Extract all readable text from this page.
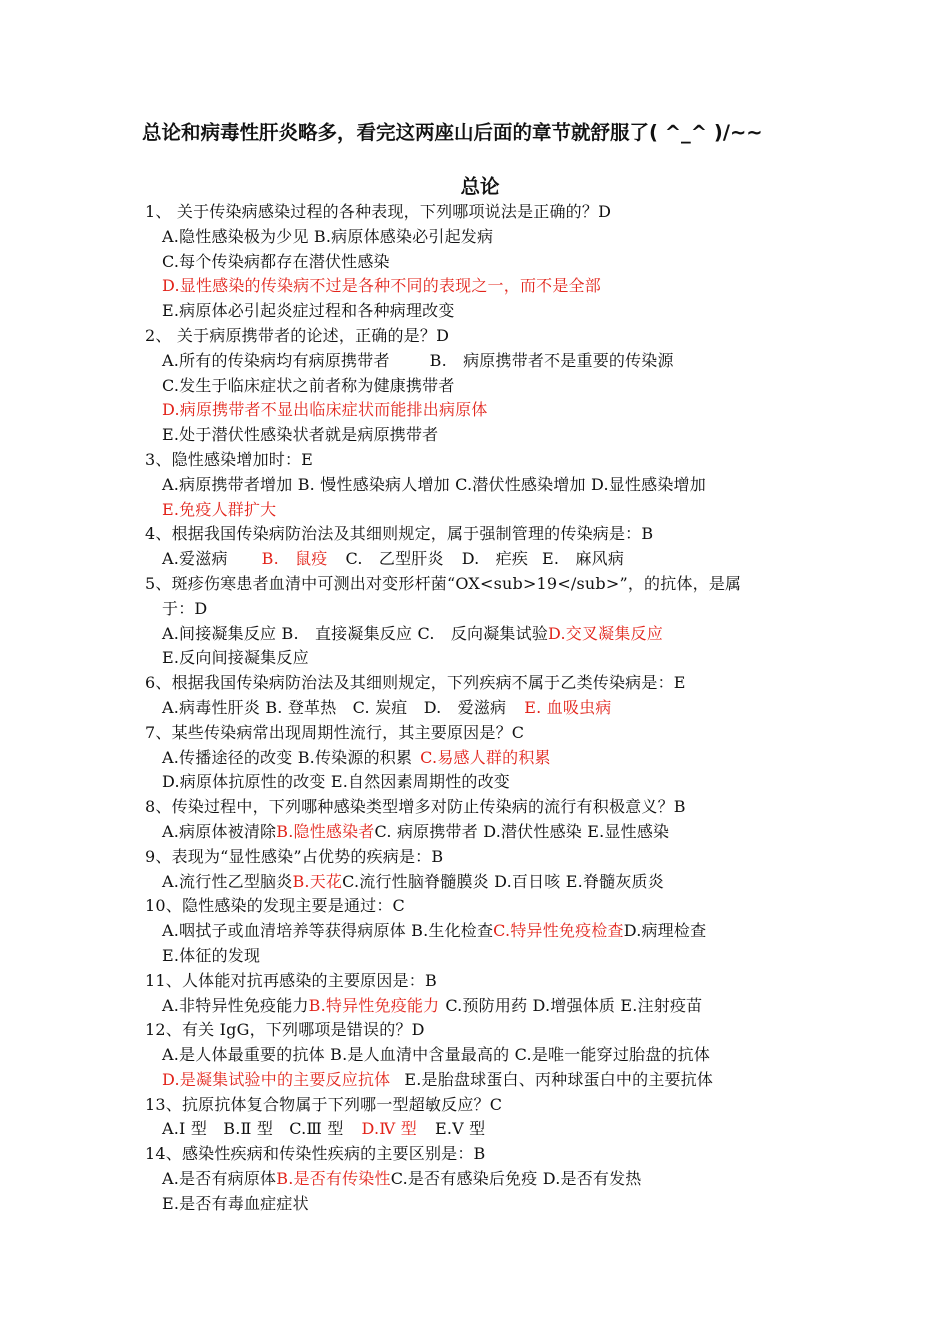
总论和病毒性肝炎略多，看完这两座山后面的章节就舒服了( ^_^ )/~~
总论
1、 关于传染病感染过程的各种表现，下列哪项说法是正确的？D
A.隐性感染极为少见 B.病原体感染必引起发病
C.每个传染病都存在潜伏性感染
D.显性感染的传染病不过是各种不同的表现之一，而不是全部
E.病原体必引起炎症过程和各种病理改变
2、 关于病原携带者的论述，正确的是？D
A.所有的传染病均有病原携带者	B.　病原携带者不是重要的传染源
C.发生于临床症状之前者称为健康携带者
D.病原携带者不显出临床症状而能排出病原体
E.处于潜伏性感染状者就是病原携带者
3、隐性感染增加时：E
A.病原携带者增加 B. 慢性感染病人增加 C.潜伏性感染增加 D.显性感染增加
E.免疫人群扩大
4、根据我国传染病防治法及其细则规定，属于强制管理的传染病是：B
A.爱滋病 B.　鼠疫 C.　乙型肝炎 D.　疟疾 E.　麻风病
5、斑疹伤寒患者血清中可测出对变形杆菌“OX<sub>19</sub>”，的抗体，是属
于：D
A.间接凝集反应 B.　直接凝集反应 C.　反向凝集试验D.交叉凝集反应
E.反向间接凝集反应
6、根据我国传染病防治法及其细则规定，下列疾病不属于乙类传染病是：E
A.病毒性肝炎 B. 登革热　C. 炭疽　D.　爱滋病 E. 血吸虫病
7、某些传染病常出现周期性流行，其主要原因是？C
A.传播途径的改变 B.传染源的积累 C.易感人群的积累
D.病原体抗原性的改变 E.自然因素周期性的改变
8、传染过程中，下列哪种感染类型增多对防止传染病的流行有积极意义？B
A.病原体被清除B.隐性感染者C. 病原携带者 D.潜伏性感染 E.显性感染
9、表现为“显性感染”占优势的疾病是：B
A.流行性乙型脑炎B.天花C.流行性脑脊髓膜炎 D.百日咳 E.脊髓灰质炎
10、隐性感染的发现主要是通过：C
A.咽拭子或血清培养等获得病原体 B.生化检查C.特异性免疫检查D.病理检查
E.体征的发现
11、人体能对抗再感染的主要原因是：B
A.非特异性免疫能力B.特异性免疫能力 C.预防用药 D.增强体质 E.注射疫苗
12、有关 IgG，下列哪项是错误的？D
A.是人体最重要的抗体 B.是人血清中含量最高的 C.是唯一能穿过胎盘的抗体
D.是凝集试验中的主要反应抗体 E.是胎盘球蛋白、丙种球蛋白中的主要抗体
13、抗原抗体复合物属于下列哪一型超敏反应？C
A.Ⅰ 型　B.Ⅱ 型　C.Ⅲ 型 D.Ⅳ 型 E.Ⅴ 型
14、感染性疾病和传染性疾病的主要区别是：B
A.是否有病原体B.是否有传染性C.是否有感染后免疫 D.是否有发热
E.是否有毒血症症状
